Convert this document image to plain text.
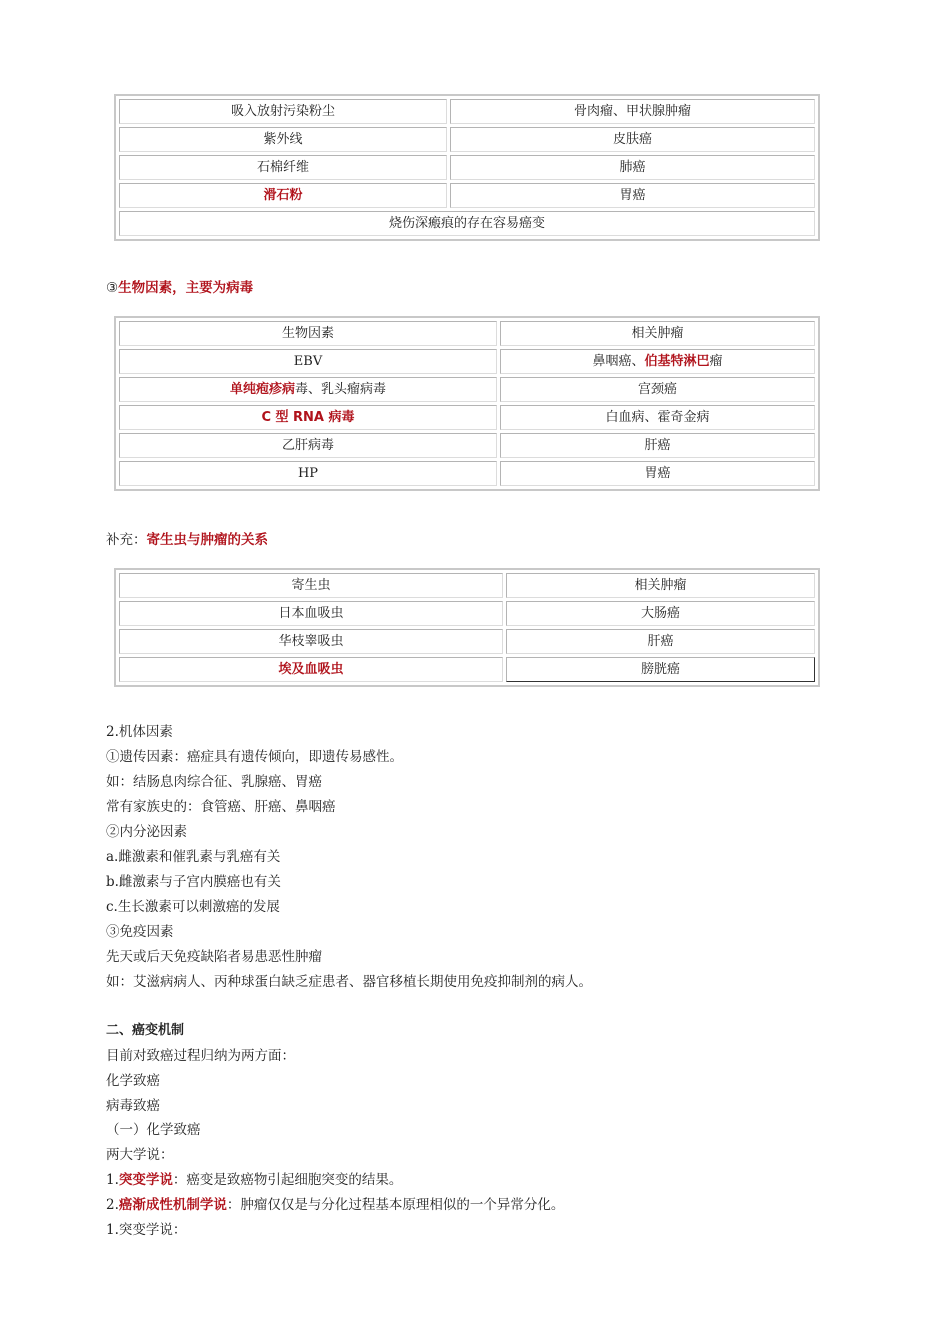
吸入放射污染粉尘	骨肉瘤、甲状腺肿瘤
紫外线	皮肤癌
石棉纤维	肺癌
滑石粉	胃癌
烧伤深瘢痕的存在容易癌变	
③生物因素，主要为病毒
生物因素	相关肿瘤
EBV	鼻咽癌、伯基特淋巴瘤
单纯疱疹病毒、乳头瘤病毒	宫颈癌
C 型 RNA 病毒	白血病、霍奇金病
乙肝病毒	肝癌
HP	胃癌
补充：寄生虫与肿瘤的关系
寄生虫	相关肿瘤
日本血吸虫	大肠癌
华枝睾吸虫	肝癌
埃及血吸虫	膀胱癌
2.机体因素
①遗传因素：癌症具有遗传倾向，即遗传易感性。
如：结肠息肉综合征、乳腺癌、胃癌
常有家族史的：食管癌、肝癌、鼻咽癌
②内分泌因素
a.雌激素和催乳素与乳癌有关
b.雌激素与子宫内膜癌也有关
c.生长激素可以刺激癌的发展
③免疫因素
先天或后天免疫缺陷者易患恶性肿瘤
如：艾滋病病人、丙种球蛋白缺乏症患者、器官移植长期使用免疫抑制剂的病人。
二、癌变机制
目前对致癌过程归纳为两方面：
化学致癌
病毒致癌
（一）化学致癌
两大学说：
1.突变学说：癌变是致癌物引起细胞突变的结果。
2.癌渐成性机制学说：肿瘤仅仅是与分化过程基本原理相似的一个异常分化。
1.突变学说：
